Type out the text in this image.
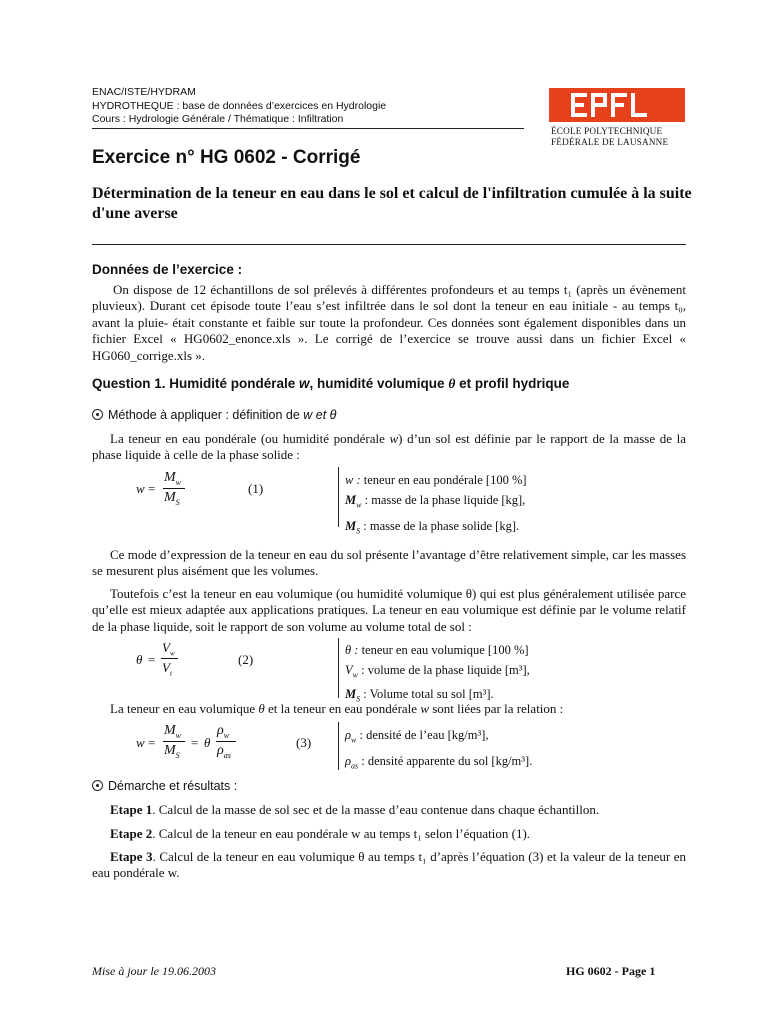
ENAC/ISTE/HYDRAM
HYDROTHEQUE : base de données d’exercices en Hydrologie
Cours : Hydrologie Générale / Thématique : Infiltration
ÉCOLE POLYTECHNIQUE
FÉDÉRALE DE LAUSANNE
Exercice n° HG 0602 - Corrigé
Détermination de la teneur en eau dans le sol et calcul de l'infiltration cumulée à la suite d'une averse
Données de l’exercice :
On dispose de 12 échantillons de sol prélevés à différentes profondeurs et au temps t₁ (après un évènement pluvieux). Durant cet épisode toute l’eau s’est infiltrée dans le sol dont la teneur en eau initiale - au temps t₀, avant la pluie- était constante et faible sur toute la profondeur. Ces données sont également disponibles dans un fichier Excel « HG0602_enonce.xls ». Le corrigé de l’exercice se trouve aussi dans un fichier Excel « HG060_corrige.xls ».
Question 1. Humidité pondérale w, humidité volumique θ et profil hydrique
Méthode à appliquer : définition de w et θ
La teneur en eau pondérale (ou humidité pondérale w) d’un sol est définie par le rapport de la masse de la phase liquide à celle de la phase solide :
w =
$M_w$
$M_S$
(1)
w : teneur en eau pondérale [100 %]
$M_w$ : masse de la phase liquide [kg],
$M_S$ : masse de la phase solide [kg].
Ce mode d’expression de la teneur en eau du sol présente l’avantage d’être relativement simple, car les masses se mesurent plus aisément que les volumes.
Toutefois c’est la teneur en eau volumique (ou humidité volumique θ) qui est plus généralement utilisée parce qu’elle est mieux adaptée aux applications pratiques. La teneur en eau volumique est définie par le volume relatif de la phase liquide, soit le rapport de son volume au volume total de sol :
θ =
$V_w$
$V_t$
(2)
θ : teneur en eau volumique [100 %]
$V_w$ : volume de la phase liquide [m³],
$M_S$ : Volume total su sol [m³].
La teneur en eau volumique θ et la teneur en eau pondérale w sont liées par la relation :
w =
$M_w$
$M_S$
= θ
$\rho_w$
$\rho_{as}$
(3)	$\rho_w$ : densité de l’eau [kg/m³],
$\rho_{as}$ : densité apparente du sol [kg/m³].
Démarche et résultats :
Etape 1. Calcul de la masse de sol sec et de la masse d’eau contenue dans chaque échantillon.
Etape 2. Calcul de la teneur en eau pondérale w au temps t₁ selon l’équation (1).
Etape 3. Calcul de la teneur en eau volumique θ au temps t₁ d’après l’équation (3) et la valeur de la teneur en eau pondérale w.
Mise à jour le 19.06.2003	HG 0602 - Page 1
